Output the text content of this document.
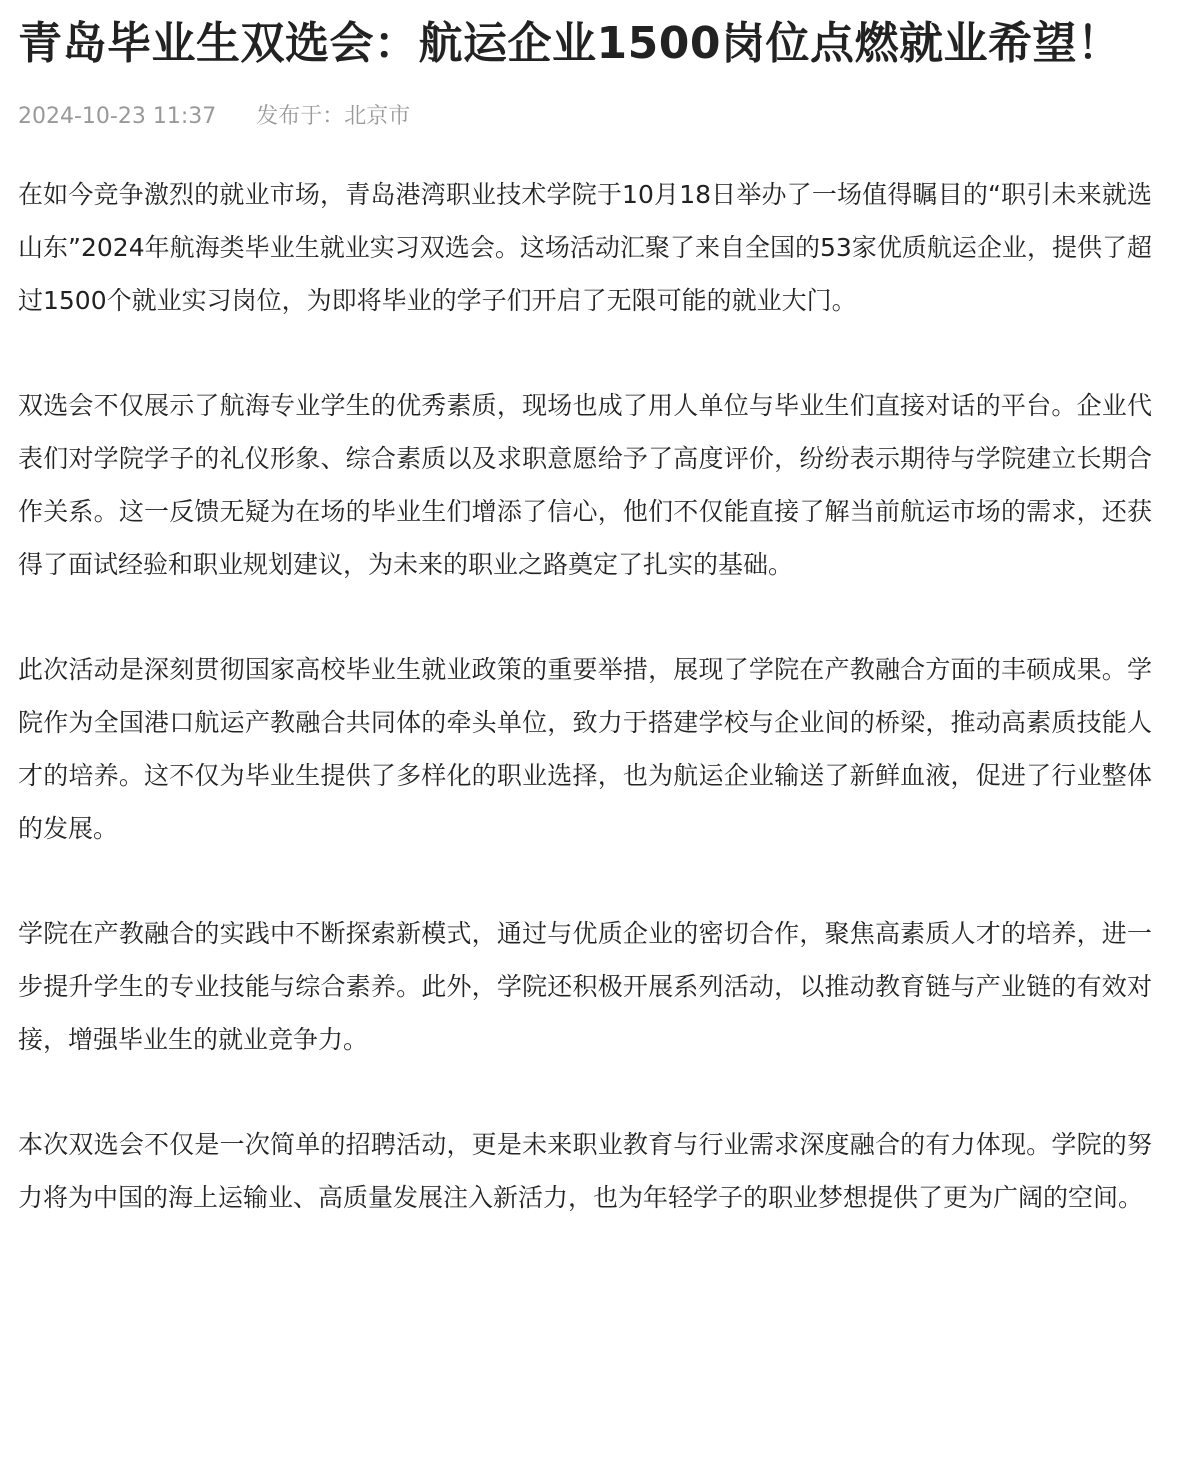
青岛毕业生双选会：航运企业1500岗位点燃就业希望！
2024-10-23 11:37 发布于：北京市

在如今竞争激烈的就业市场，青岛港湾职业技术学院于10月18日举办了一场值得瞩目的“职引未来就选山东”2024年航海类毕业生就业实习双选会。这场活动汇聚了来自全国的53家优质航运企业，提供了超过1500个就业实习岗位，为即将毕业的学子们开启了无限可能的就业大门。

双选会不仅展示了航海专业学生的优秀素质，现场也成了用人单位与毕业生们直接对话的平台。企业代表们对学院学子的礼仪形象、综合素质以及求职意愿给予了高度评价，纷纷表示期待与学院建立长期合作关系。这一反馈无疑为在场的毕业生们增添了信心，他们不仅能直接了解当前航运市场的需求，还获得了面试经验和职业规划建议，为未来的职业之路奠定了扎实的基础。

此次活动是深刻贯彻国家高校毕业生就业政策的重要举措，展现了学院在产教融合方面的丰硕成果。学院作为全国港口航运产教融合共同体的牵头单位，致力于搭建学校与企业间的桥梁，推动高素质技能人才的培养。这不仅为毕业生提供了多样化的职业选择，也为航运企业输送了新鲜血液，促进了行业整体的发展。

学院在产教融合的实践中不断探索新模式，通过与优质企业的密切合作，聚焦高素质人才的培养，进一步提升学生的专业技能与综合素养。此外，学院还积极开展系列活动，以推动教育链与产业链的有效对接，增强毕业生的就业竞争力。

本次双选会不仅是一次简单的招聘活动，更是未来职业教育与行业需求深度融合的有力体现。学院的努力将为中国的海上运输业、高质量发展注入新活力，也为年轻学子的职业梦想提供了更为广阔的空间。
